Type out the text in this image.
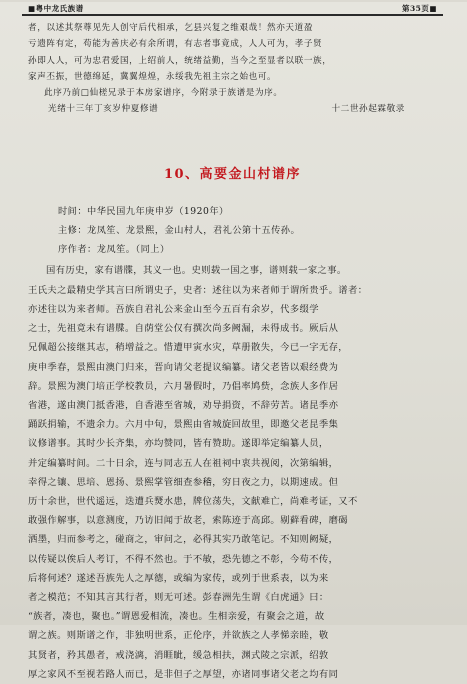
■粤中龙氏族谱	第35页■

者，以述其祭尊见先人创守后代相承，乞县兴复之维艰哉！然亦天道盈

亏遗阵有定，苟能为善庆必有余所谓，有志者事竟成，人人可为，孝子贤

孙即人人，可为忠君爱国，上绍前人，统绪益勤，当今之至显者以联一族，

家声丕振，世德绵延，冀翼煌煌，永绥我先祖主宗之始也可。

此序乃前□仙槎兄录于本房家谱序，今附录于族谱是为序。

光绪十三年丁亥岁仲夏修谱	十二世孙起霖敬录
10、高要金山村谱序
时间：中华民国九年庚申岁（1920年）
主修：龙凤笙、龙景熙，金山村人，君礼公第十五传孙。
序作者：龙凤笙。（同上）

国有历史，家有谱牒，其义一也。史则载一国之事，谱则载一家之事。

王氏夫之最精史学其言曰所谓史子，史者：述往以为来者师于谓所贵乎。谱者：

亦述往以为来者师。吾族自君礼公来金山至今五百有余岁，代多缀学

之士，先祖竟未有谱牒。自荫堂公仅有撰次尚多阙漏，未得成书。厥后从

兄佩超公接继其志，稍增益之。惜遭甲寅水灾，草册散失，今已一字无存，

庚申季春，景熙由澳门归来，晋向请父老提议编纂。诸父老皆以艰经费为

辞。景熙为澳门培正学校教员，六月暑假时，乃倡率鸠赀，念族人多作居

省港，遂由澳门抵香港，自香港至省城，劝导捐资，不辞劳苦。诸昆季亦

踊跃捐输，不遗余力。六月中旬，景熙由省城旋回故里，即邀父老昆季集

议修谱事。其时少长齐集，亦均赞同，皆有赞助。遂即举定编纂人员，

并定编纂时间。二十日余，连与同志五人在祖祠中衷共视阅，次第编辑，

幸得之镶、思培、恩扬、景熙掌管细查参稽，穷日夜之力，以期速成。但

历十余世，世代遥远，迭遭兵燹水患，牌位荡失，文献难亡，尚难考证，又不

敢强作解事，以意测度，乃访旧闻于故老，索陈迹于高邱。剔藓看碑，磨碣

洒墨，归而参考之，碰商之，审问之，必得其实乃敢笔记。不知则阙疑，

以传疑以俟后人考订，不得不然也。于不敏，恐先德之不彰，今苟不传，

后将何述？遂述吾族先人之厚德，或编为家传，或列于世系表，以为来

者之模范；不知其言其行者，则无可述。彭春洲先生谓《白虎通》曰：

“族者，凑也，聚也。”谓恩爱相流，凑也。生相亲爱，有聚会之道，故

谓之族。则斯谱之作，非独明世系，正伦序，并欲族之人孝悌亲睦，敬

其贤者，矜其愚者，戒浇漓，消睚眦，缓急相扶，渊式陵之宗派，绍敦

厚之家风不至视若路人而已，是非但子之厚望，亦诸同事诸父老之均有同
